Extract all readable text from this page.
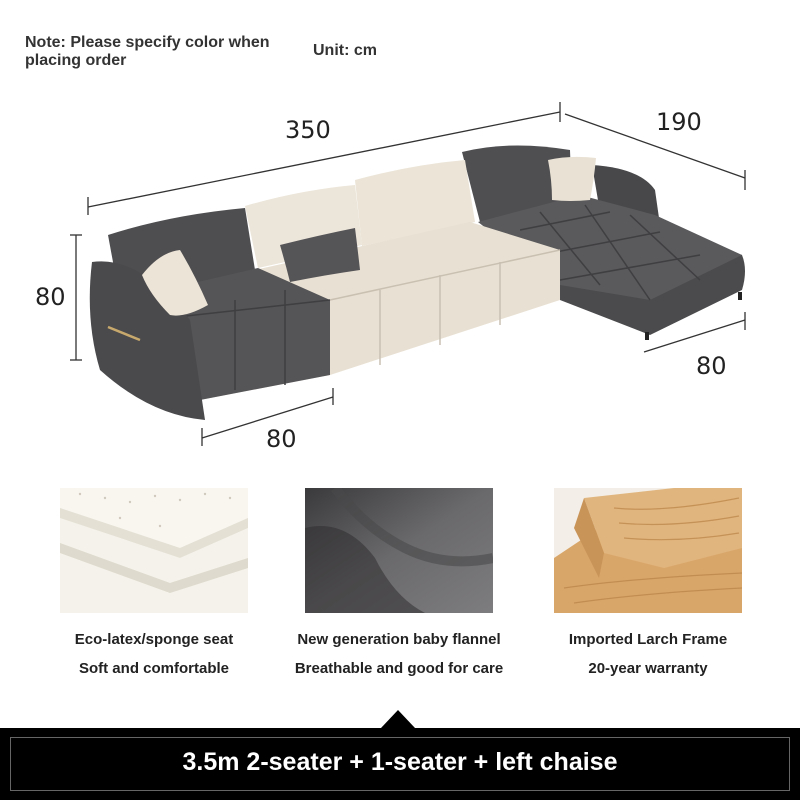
Note: Please specify color when placing order
Unit: cm
350	190
80
80
80
Eco-latex/sponge seat
Soft and comfortable
New generation baby flannel
Breathable and good for care
Imported Larch Frame
20-year warranty
3.5m 2-seater + 1-seater + left chaise
